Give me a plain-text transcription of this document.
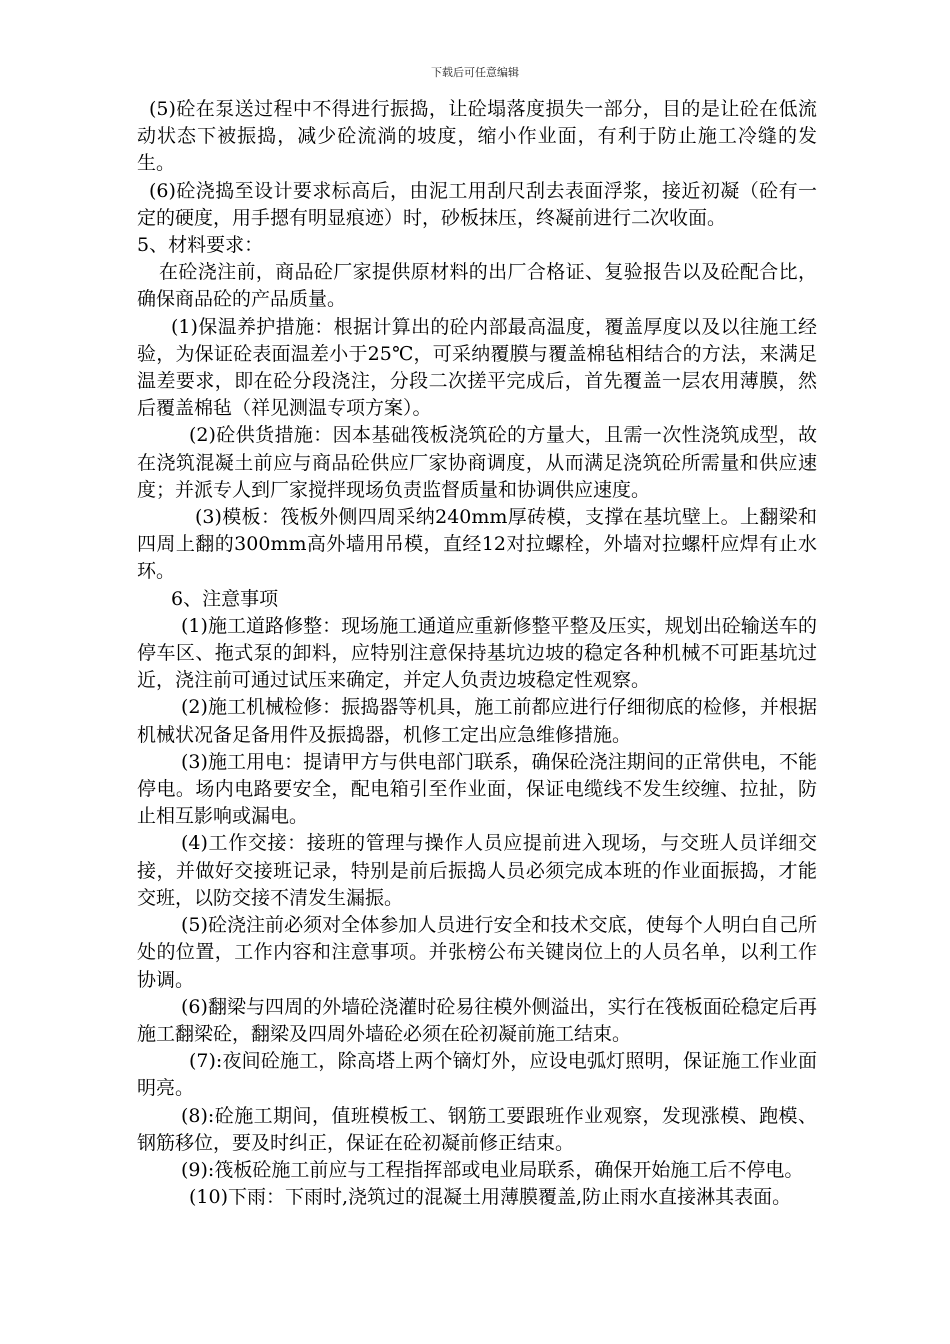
下载后可任意编辑

(5)砼在泵送过程中不得进行振捣，让砼塌落度损失一部分，目的是让砼在低流动状态下被振捣，减少砼流淌的坡度，缩小作业面，有利于防止施工冷缝的发生。

(6)砼浇捣至设计要求标高后，由泥工用刮尺刮去表面浮浆，接近初凝（砼有一定的硬度，用手摁有明显痕迹）时，砂板抹压，终凝前进行二次收面。

5、材料要求：

在砼浇注前，商品砼厂家提供原材料的出厂合格证、复验报告以及砼配合比，确保商品砼的产品质量。

(1)保温养护措施：根据计算出的砼内部最高温度，覆盖厚度以及以往施工经验，为保证砼表面温差小于25℃，可采纳覆膜与覆盖棉毡相结合的方法，来满足温差要求，即在砼分段浇注，分段二次搓平完成后，首先覆盖一层农用薄膜，然后覆盖棉毡（祥见测温专项方案）。

(2)砼供货措施：因本基础筏板浇筑砼的方量大，且需一次性浇筑成型，故在浇筑混凝土前应与商品砼供应厂家协商调度，从而满足浇筑砼所需量和供应速度；并派专人到厂家搅拌现场负责监督质量和协调供应速度。

(3)模板：筏板外侧四周采纳240mm厚砖模，支撑在基坑壁上。上翻梁和四周上翻的300mm高外墙用吊模，直经12对拉螺栓，外墙对拉螺杆应焊有止水环。

6、注意事项

(1)施工道路修整：现场施工通道应重新修整平整及压实，规划出砼输送车的停车区、拖式泵的卸料，应特别注意保持基坑边坡的稳定各种机械不可距基坑过近，浇注前可通过试压来确定，并定人负责边坡稳定性观察。

(2)施工机械检修：振捣器等机具，施工前都应进行仔细彻底的检修，并根据机械状况备足备用件及振捣器，机修工定出应急维修措施。

(3)施工用电：提请甲方与供电部门联系，确保砼浇注期间的正常供电，不能停电。场内电路要安全，配电箱引至作业面，保证电缆线不发生绞缠、拉扯，防止相互影响或漏电。

(4)工作交接：接班的管理与操作人员应提前进入现场，与交班人员详细交接，并做好交接班记录，特别是前后振捣人员必须完成本班的作业面振捣，才能交班，以防交接不清发生漏振。

(5)砼浇注前必须对全体参加人员进行安全和技术交底，使每个人明白自己所处的位置，工作内容和注意事项。并张榜公布关键岗位上的人员名单，以利工作协调。

(6)翻梁与四周的外墙砼浇灌时砼易往模外侧溢出，实行在筏板面砼稳定后再施工翻梁砼，翻梁及四周外墙砼必须在砼初凝前施工结束。

(7):夜间砼施工，除高塔上两个镝灯外，应设电弧灯照明，保证施工作业面明亮。

(8):砼施工期间，值班模板工、钢筋工要跟班作业观察，发现涨模、跑模、钢筋移位，要及时纠正，保证在砼初凝前修正结束。

(9):筏板砼施工前应与工程指挥部或电业局联系，确保开始施工后不停电。

(10)下雨：下雨时,浇筑过的混凝土用薄膜覆盖,防止雨水直接淋其表面。
